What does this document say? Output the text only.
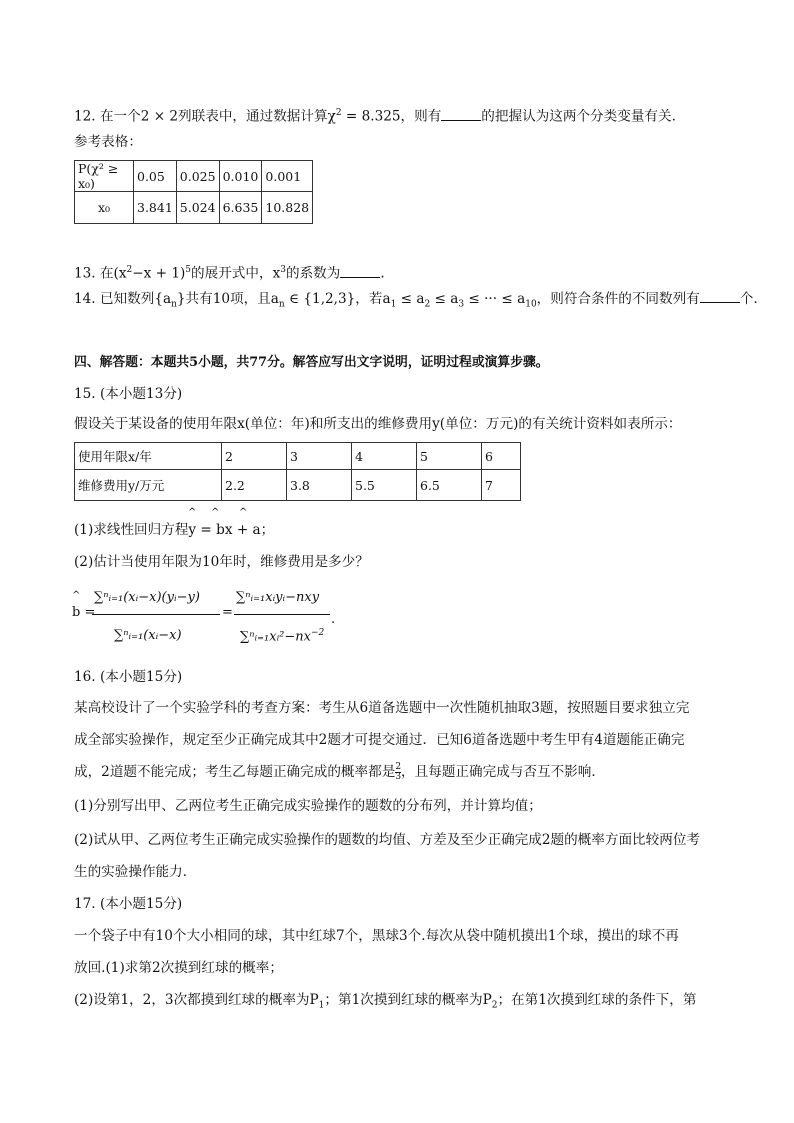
12. 在一个2 × 2列联表中，通过数据计算$\chi^2 = 8.325$，则有	的把握认为这两个分类变量有关.
参考表格：
P(χ² ≥ x₀)	0.05	0.025	0.010	0.001
x₀	3.841	5.024	6.635	10.828
13. 在$(x^2-x + 1)^5$的展开式中，$x^3$的系数为	.
14. 已知数列$\{a_n\}$共有10项，且$a_n$ ∈ {1,2,3}，若$a_1 \le a_2 \le a_3$ ≤ ··· ≤ $a_{10}$，则符合条件的不同数列有	个.
四、解答题：本题共5小题，共77分。解答应写出文字说明，证明过程或演算步骤。
15. (本小题13分)
假设关于某设备的使用年限x(单位：年)和所支出的维修费用y(单位：万元)的有关统计资料如表所示：
使用年限x/年	2	3	4	5	6
维修费用y/万元	2.2	3.8	5.5	6.5	7
^ ^ ^
(1)求线性回归方程y = bx + a；
(2)估计当使用年限为10年时，维修费用是多少？
^
b =
∑ⁿᵢ₌₁(xᵢ−x)(yᵢ−y)
∑ⁿᵢ₌₁(xᵢ−x)
=
∑ⁿᵢ₌₁xᵢyᵢ−nxy
$\sum^nᵢ_{=1}xᵢ^2-nx^{-2}$
.
16. (本小题15分)
某高校设计了一个实验学科的考查方案：考生从6道备选题中一次性随机抽取3题，按照题目要求独立完
成全部实验操作，规定至少正确完成其中2题才可提交通过．已知6道备选题中考生甲有4道题能正确完
成，2道题不能完成；考生乙每题正确完成的概率都是 $\frac{2}{3}$ ，且每题正确完成与否互不影响．
(1)分别写出甲、乙两位考生正确完成实验操作的题数的分布列，并计算均值；
(2)试从甲、乙两位考生正确完成实验操作的题数的均值、方差及至少正确完成2题的概率方面比较两位考
生的实验操作能力．
17. (本小题15分)
一个袋子中有10个大小相同的球，其中红球7个，黑球3个.每次从袋中随机摸出1个球，摸出的球不再
放回.(1)求第2次摸到红球的概率；
(2)设第1，2，3次都摸到红球的概率为$P_1$；第1次摸到红球的概率为$P_2$；在第1次摸到红球的条件下，第
